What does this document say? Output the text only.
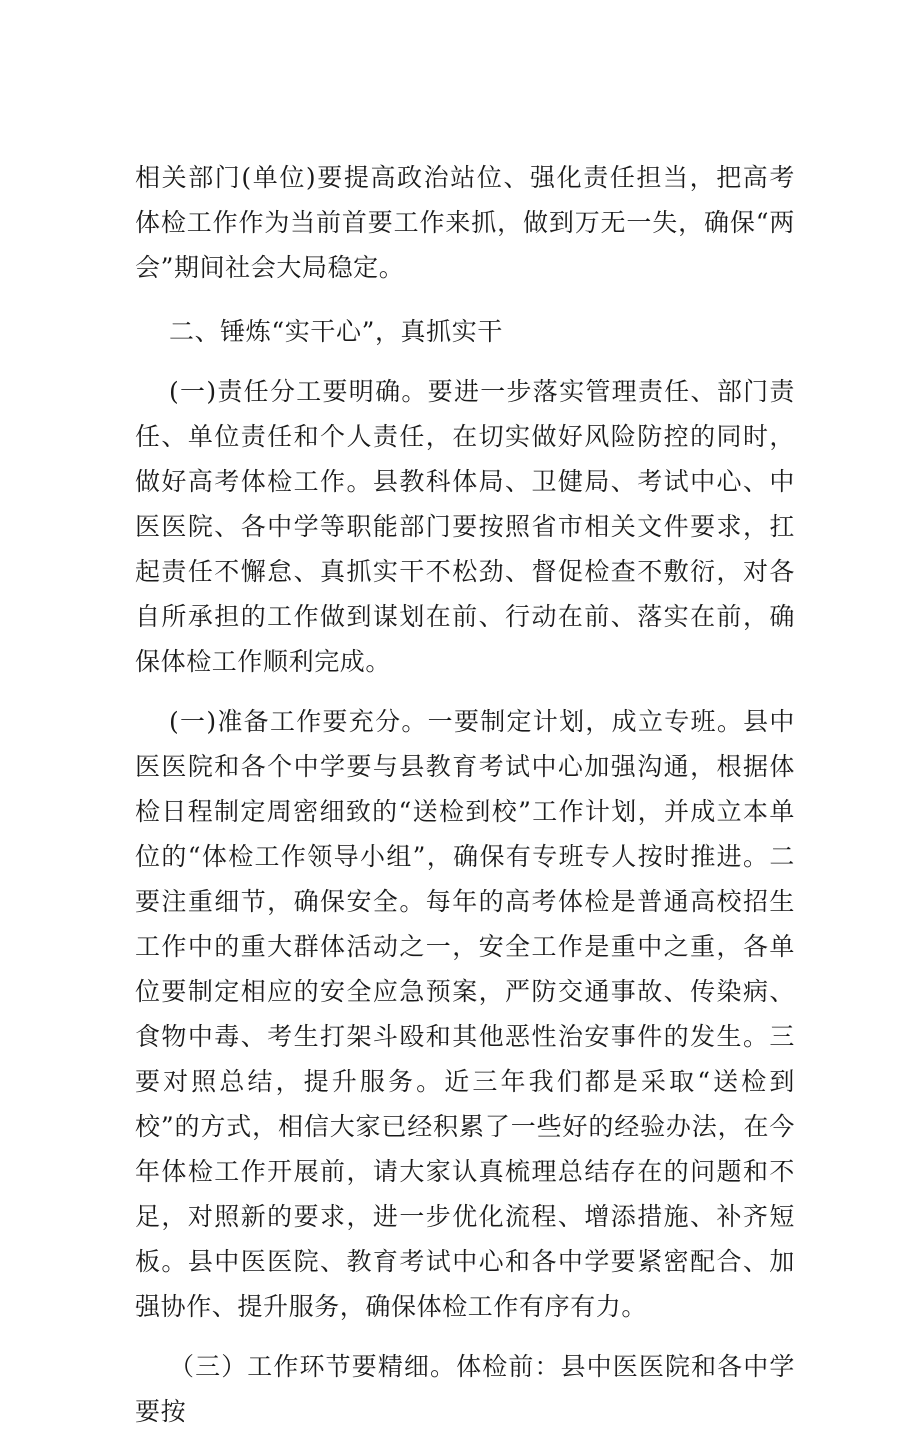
相关部门(单位)要提高政治站位、强化责任担当，把高考体检工作作为当前首要工作来抓，做到万无一失，确保“两会”期间社会大局稳定。

二、锤炼“实干心”，真抓实干

(一)责任分工要明确。要进一步落实管理责任、部门责任、单位责任和个人责任，在切实做好风险防控的同时，做好高考体检工作。县教科体局、卫健局、考试中心、中医医院、各中学等职能部门要按照省市相关文件要求，扛起责任不懈怠、真抓实干不松劲、督促检查不敷衍，对各自所承担的工作做到谋划在前、行动在前、落实在前，确保体检工作顺利完成。

(一)准备工作要充分。一要制定计划，成立专班。县中医医院和各个中学要与县教育考试中心加强沟通，根据体检日程制定周密细致的“送检到校”工作计划，并成立本单位的“体检工作领导小组”，确保有专班专人按时推进。二要注重细节，确保安全。每年的高考体检是普通高校招生工作中的重大群体活动之一，安全工作是重中之重，各单位要制定相应的安全应急预案，严防交通事故、传染病、食物中毒、考生打架斗殴和其他恶性治安事件的发生。三要对照总结，提升服务。近三年我们都是采取“送检到校”的方式，相信大家已经积累了一些好的经验办法，在今年体检工作开展前，请大家认真梳理总结存在的问题和不足，对照新的要求，进一步优化流程、增添措施、补齐短板。县中医医院、教育考试中心和各中学要紧密配合、加强协作、提升服务，确保体检工作有序有力。

（三）工作环节要精细。体检前：县中医医院和各中学要按
